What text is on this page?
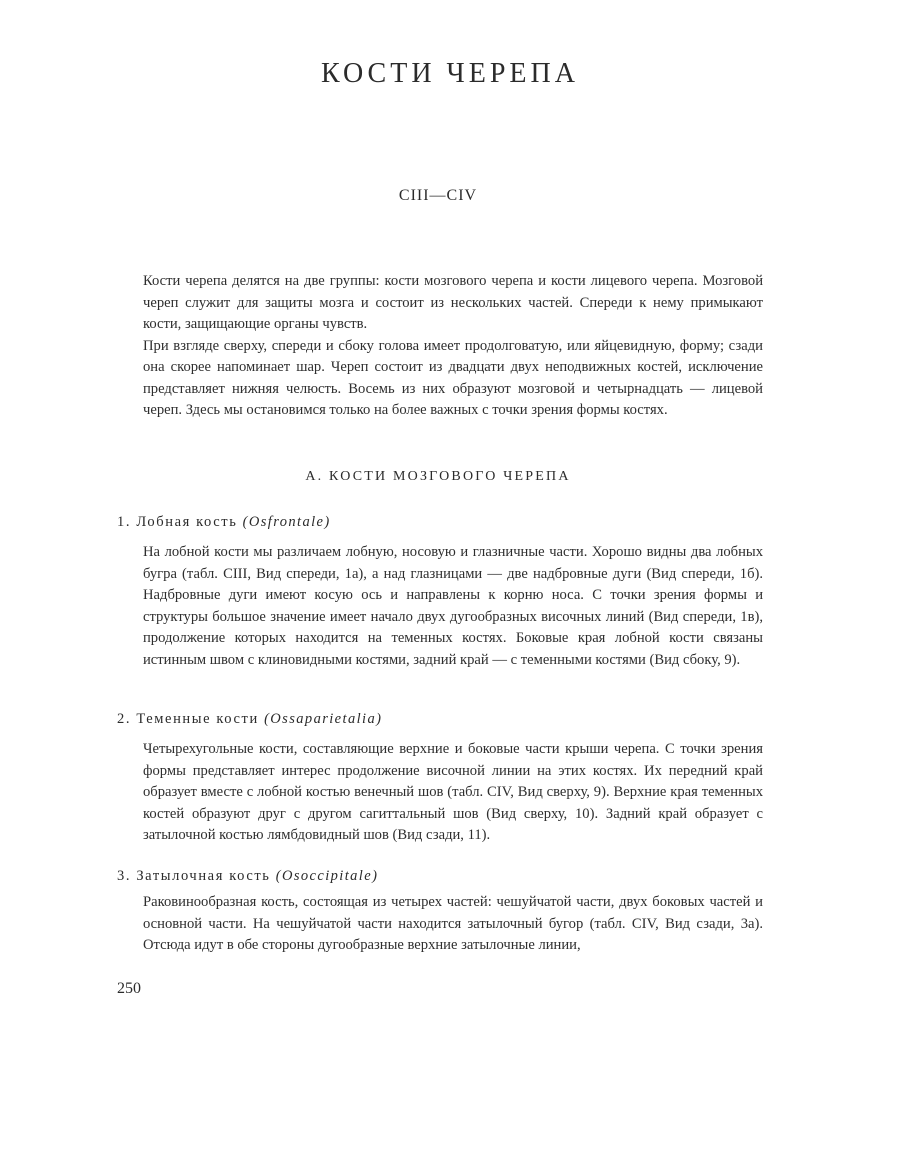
КОСТИ ЧЕРЕПА
CIII—CIV

Кости черепа делятся на две группы: кости мозгового черепа и кости лицевого черепа. Мозговой череп служит для защиты мозга и состоит из нескольких частей. Спереди к нему примыкают кости, защищающие органы чувств.

При взгляде сверху, спереди и сбоку голова имеет продолговатую, или яйцевидную, форму; сзади она скорее напоминает шар. Череп состоит из двадцати двух неподвижных костей, исключение представляет нижняя челюсть. Восемь из них образуют мозговой и четырнадцать — лицевой череп. Здесь мы остановимся только на более важных с точки зрения формы костях.

А. КОСТИ МОЗГОВОГО ЧЕРЕПА
1. Лобная кость (Osfrontale)

На лобной кости мы различаем лобную, носовую и глазничные части. Хорошо видны два лобных бугра (табл. CIII, Вид спереди, 1а), а над глазницами — две надбровные дуги (Вид спереди, 1б). Надбровные дуги имеют косую ось и направлены к корню носа. С точки зрения формы и структуры большое значение имеет начало двух дугообразных височных линий (Вид спереди, 1в), продолжение которых находится на теменных костях. Боковые края лобной кости связаны истинным швом с клиновидными костями, задний край — с теменными костями (Вид сбоку, 9).

2. Теменные кости (Ossaparietalia)

Четырехугольные кости, составляющие верхние и боковые части крыши черепа. С точки зрения формы представляет интерес продолжение височной линии на этих костях. Их передний край образует вместе с лобной костью венечный шов (табл. CIV, Вид сверху, 9). Верхние края теменных костей образуют друг с другом сагиттальный шов (Вид сверху, 10). Задний край образует с затылочной костью лямбдовидный шов (Вид сзади, 11).

3. Затылочная кость (Osoccipitale)

Раковинообразная кость, состоящая из четырех частей: чешуйчатой части, двух боковых частей и основной части. На чешуйчатой части находится затылочный бугор (табл. CIV, Вид сзади, 3а). Отсюда идут в обе стороны дугообразные верхние затылочные линии,

250
